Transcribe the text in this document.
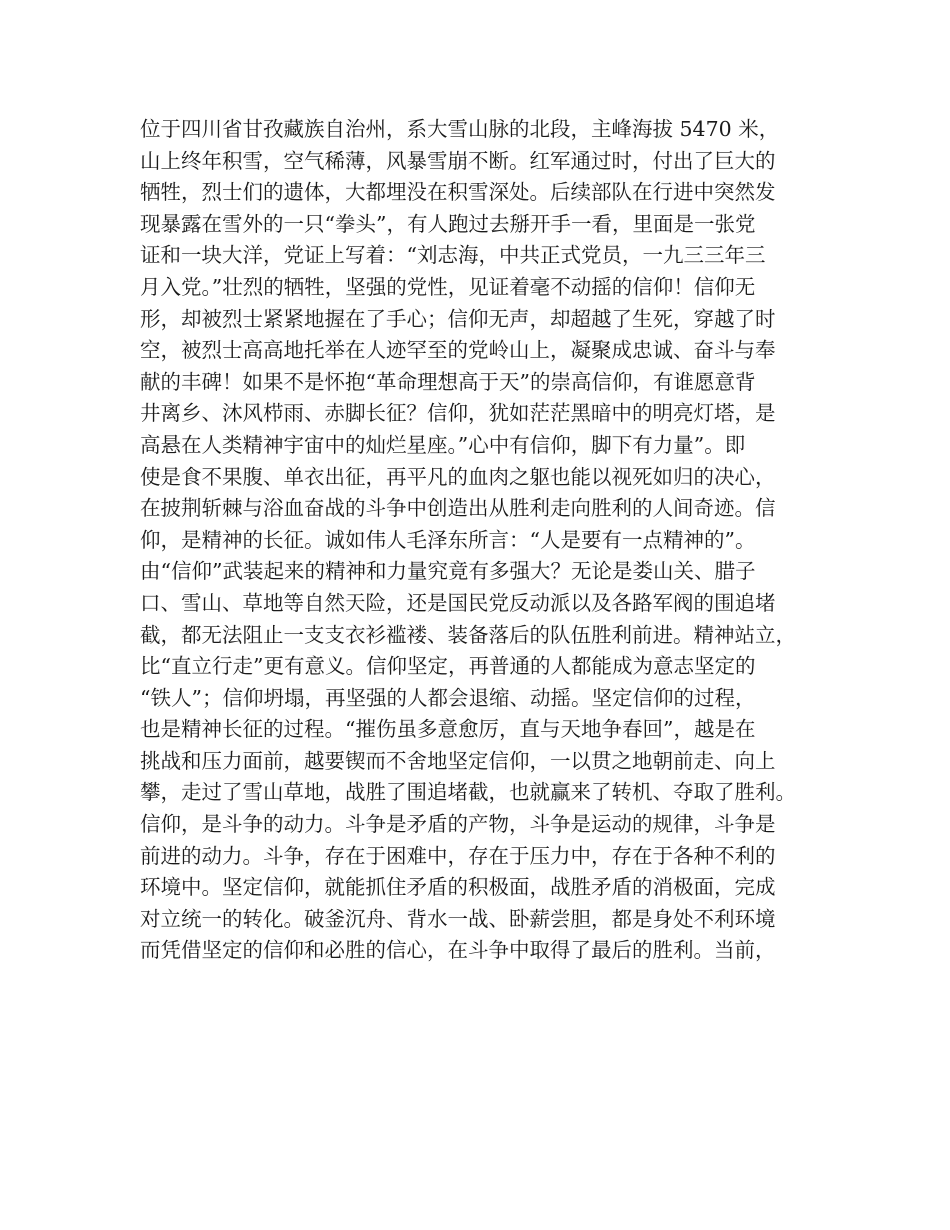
位于四川省甘孜藏族自治州，系大雪山脉的北段，主峰海拔 5470 米，
山上终年积雪，空气稀薄，风暴雪崩不断。红军通过时，付出了巨大的
牺牲，烈士们的遗体，大都埋没在积雪深处。后续部队在行进中突然发
现暴露在雪外的一只“拳头”，有人跑过去掰开手一看，里面是一张党
证和一块大洋，党证上写着：“刘志海，中共正式党员，一九三三年三
月入党。”壮烈的牺牲，坚强的党性，见证着毫不动摇的信仰！信仰无
形，却被烈士紧紧地握在了手心；信仰无声，却超越了生死，穿越了时
空，被烈士高高地托举在人迹罕至的党岭山上，凝聚成忠诚、奋斗与奉
献的丰碑！如果不是怀抱“革命理想高于天”的崇高信仰，有谁愿意背
井离乡、沐风栉雨、赤脚长征？信仰，犹如茫茫黑暗中的明亮灯塔，是
高悬在人类精神宇宙中的灿烂星座。”心中有信仰，脚下有力量”。即
使是食不果腹、单衣出征，再平凡的血肉之躯也能以视死如归的决心，
在披荆斩棘与浴血奋战的斗争中创造出从胜利走向胜利的人间奇迹。信
仰，是精神的长征。诚如伟人毛泽东所言：“人是要有一点精神的”。
由“信仰”武装起来的精神和力量究竟有多强大？无论是娄山关、腊子
口、雪山、草地等自然天险，还是国民党反动派以及各路军阀的围追堵
截，都无法阻止一支支衣衫褴褛、装备落后的队伍胜利前进。精神站立，
比“直立行走”更有意义。信仰坚定，再普通的人都能成为意志坚定的
“铁人”；信仰坍塌，再坚强的人都会退缩、动摇。坚定信仰的过程，
也是精神长征的过程。“摧伤虽多意愈厉，直与天地争春回”，越是在
挑战和压力面前，越要锲而不舍地坚定信仰，一以贯之地朝前走、向上
攀，走过了雪山草地，战胜了围追堵截，也就赢来了转机、夺取了胜利。
信仰，是斗争的动力。斗争是矛盾的产物，斗争是运动的规律，斗争是
前进的动力。斗争，存在于困难中，存在于压力中，存在于各种不利的
环境中。坚定信仰，就能抓住矛盾的积极面，战胜矛盾的消极面，完成
对立统一的转化。破釜沉舟、背水一战、卧薪尝胆，都是身处不利环境
而凭借坚定的信仰和必胜的信心，在斗争中取得了最后的胜利。当前，
